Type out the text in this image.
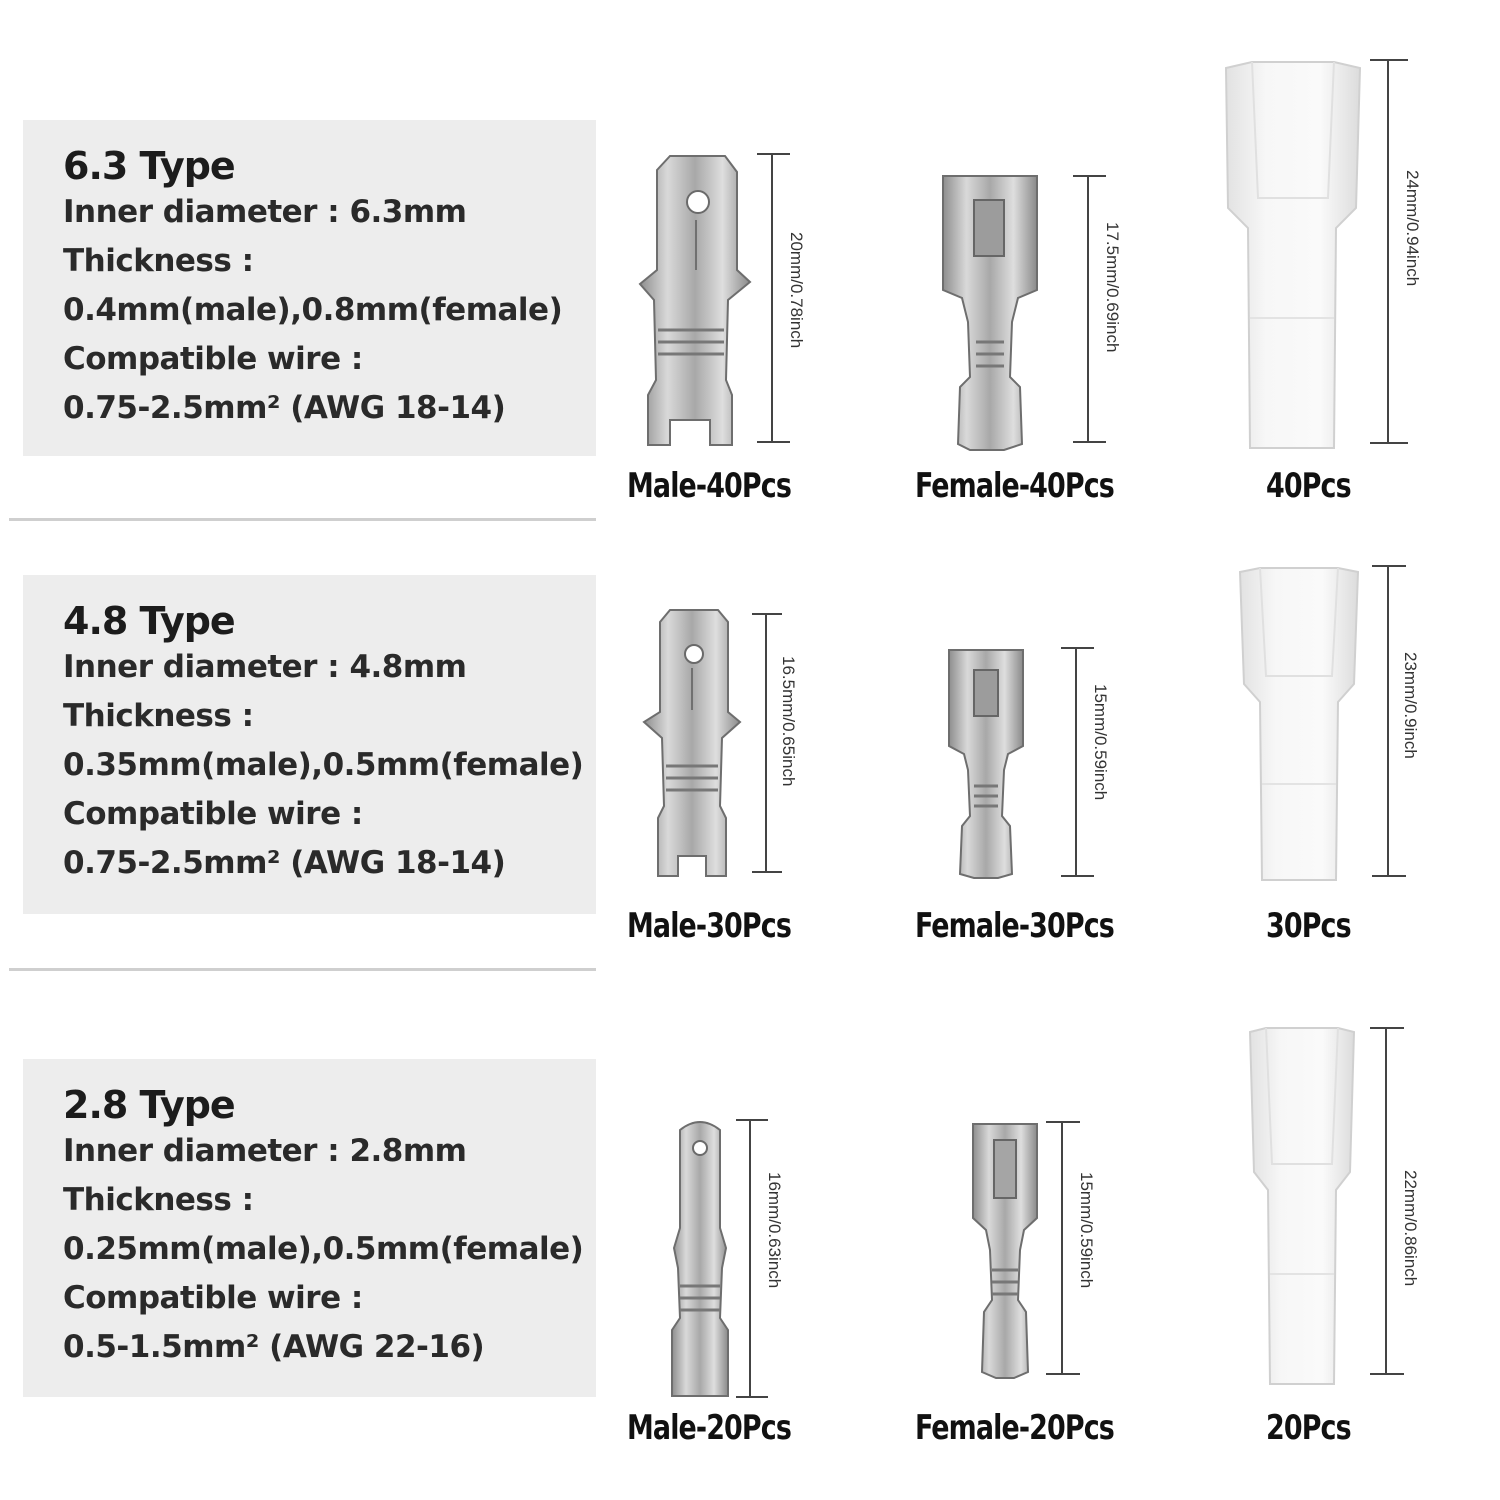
6.3 Type
Inner diameter : 6.3mm
Thickness :
0.4mm(male),0.8mm(female)
Compatible wire :
0.75-2.5mm² (AWG 18-14)
20mm/0.78inch	17.5mm/0.69inch	24mm/0.94inch
Male-40Pcs	Female-40Pcs	40Pcs
4.8 Type
Inner diameter : 4.8mm
Thickness :
0.35mm(male),0.5mm(female)
Compatible wire :
0.75-2.5mm² (AWG 18-14)
16.5mm/0.65inch	15mm/0.59inch	23mm/0.9inch
Male-30Pcs	Female-30Pcs	30Pcs
2.8 Type
Inner diameter : 2.8mm
Thickness :
0.25mm(male),0.5mm(female)
Compatible wire :
0.5-1.5mm² (AWG 22-16)
16mm/0.63inch	15mm/0.59inch	22mm/0.86inch
Male-20Pcs	Female-20Pcs	20Pcs
